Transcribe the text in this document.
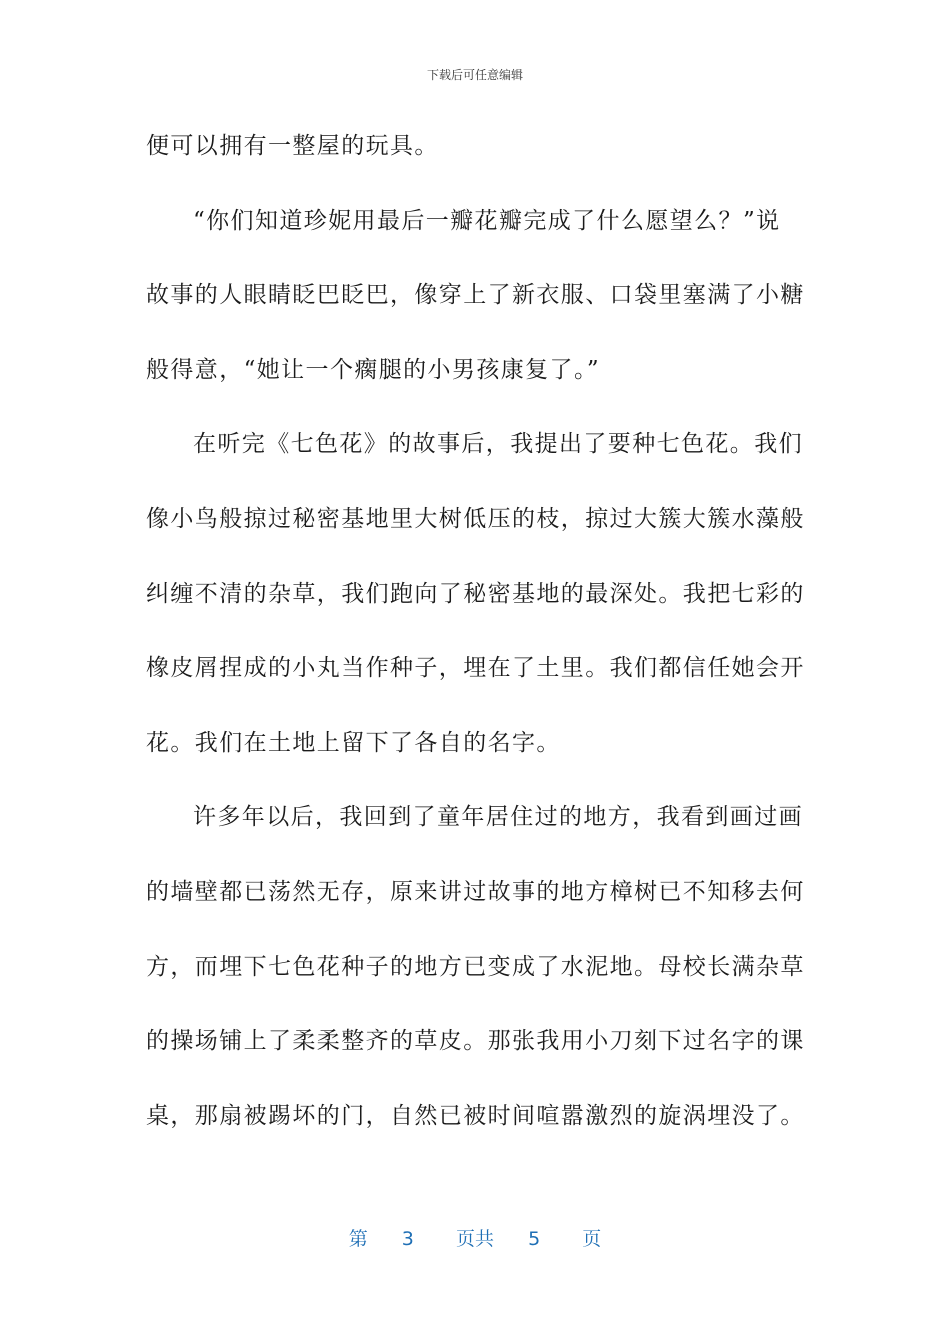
下载后可任意编辑
便可以拥有一整屋的玩具。
“你们知道珍妮用最后一瓣花瓣完成了什么愿望么？”说
故事的人眼睛眨巴眨巴，像穿上了新衣服、口袋里塞满了小糖
般得意，“她让一个瘸腿的小男孩康复了。”
在听完《七色花》的故事后，我提出了要种七色花。我们
像小鸟般掠过秘密基地里大树低压的枝，掠过大簇大簇水藻般
纠缠不清的杂草，我们跑向了秘密基地的最深处。我把七彩的
橡皮屑捏成的小丸当作种子，埋在了土里。我们都信任她会开
花。我们在土地上留下了各自的名字。
许多年以后，我回到了童年居住过的地方，我看到画过画
的墙壁都已荡然无存，原来讲过故事的地方樟树已不知移去何
方，而埋下七色花种子的地方已变成了水泥地。母校长满杂草
的操场铺上了柔柔整齐的草皮。那张我用小刀刻下过名字的课
桌，那扇被踢坏的门，自然已被时间喧嚣激烈的旋涡埋没了。
第 3 页共 5 页
